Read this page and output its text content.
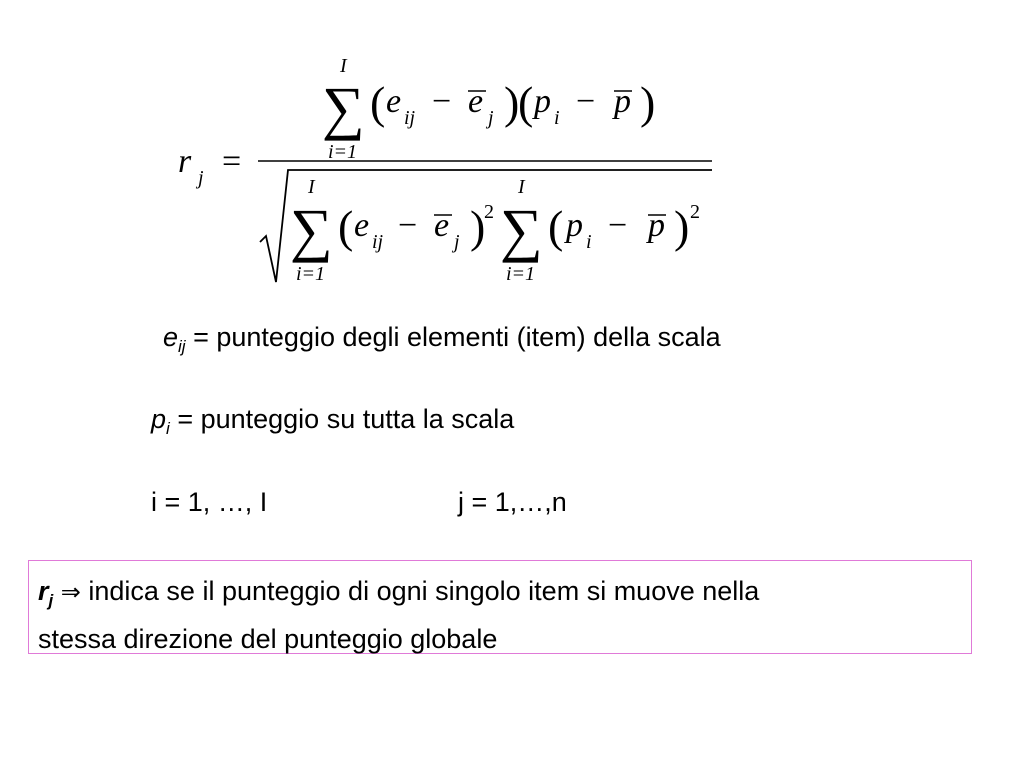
r j =
I
∑
i=1
( e ij − e j )
( p i − p )
I
∑
i=1
( e ij − e j )
2
I
∑
i=1
( p i − p ) 2
$e_{ij}$ = punteggio degli elementi (item) della scala
$p_i$ = punteggio su tutta la scala
i = 1, …, I	j = 1,…,n
$r_j$ ⇒ indica se il punteggio di ogni singolo item si muove nella
stessa direzione del punteggio globale
